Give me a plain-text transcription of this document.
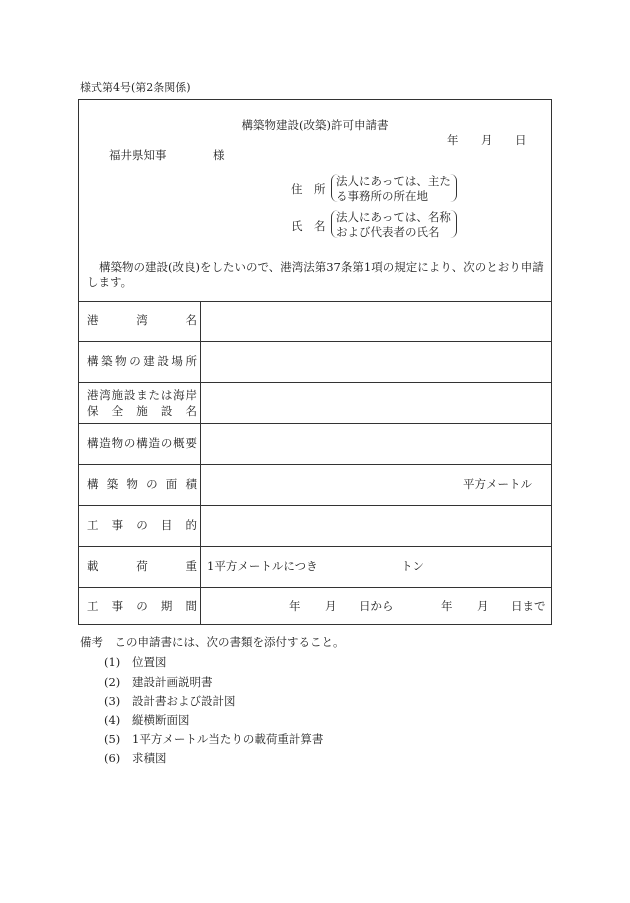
様式第4号(第2条関係)
構築物建設(改築)許可申請書
年 月 日
福井県知事	様
住　所
法人にあっては、主た
る事務所の所在地
氏　名
法人にあっては、名称
および代表者の氏名
構築物の建設(改良)をしたいので、港湾法第37条第1項の規定により、次のとおり申請します。
港湾名
構築物の建設場所
港湾施設または海岸
保全施設名
構造物の構造の概要
構築物の面積	平方メートル
工事の目的
載荷重 1平方メートルにつき	トン
工事の期間	年 月 日から	年 月 日まで
備考　この申請書には、次の書類を添付すること。
(1) 位置図
(2) 建設計画説明書
(3) 設計書および設計図
(4) 縦横断面図
(5) 1平方メートル当たりの載荷重計算書
(6) 求積図
